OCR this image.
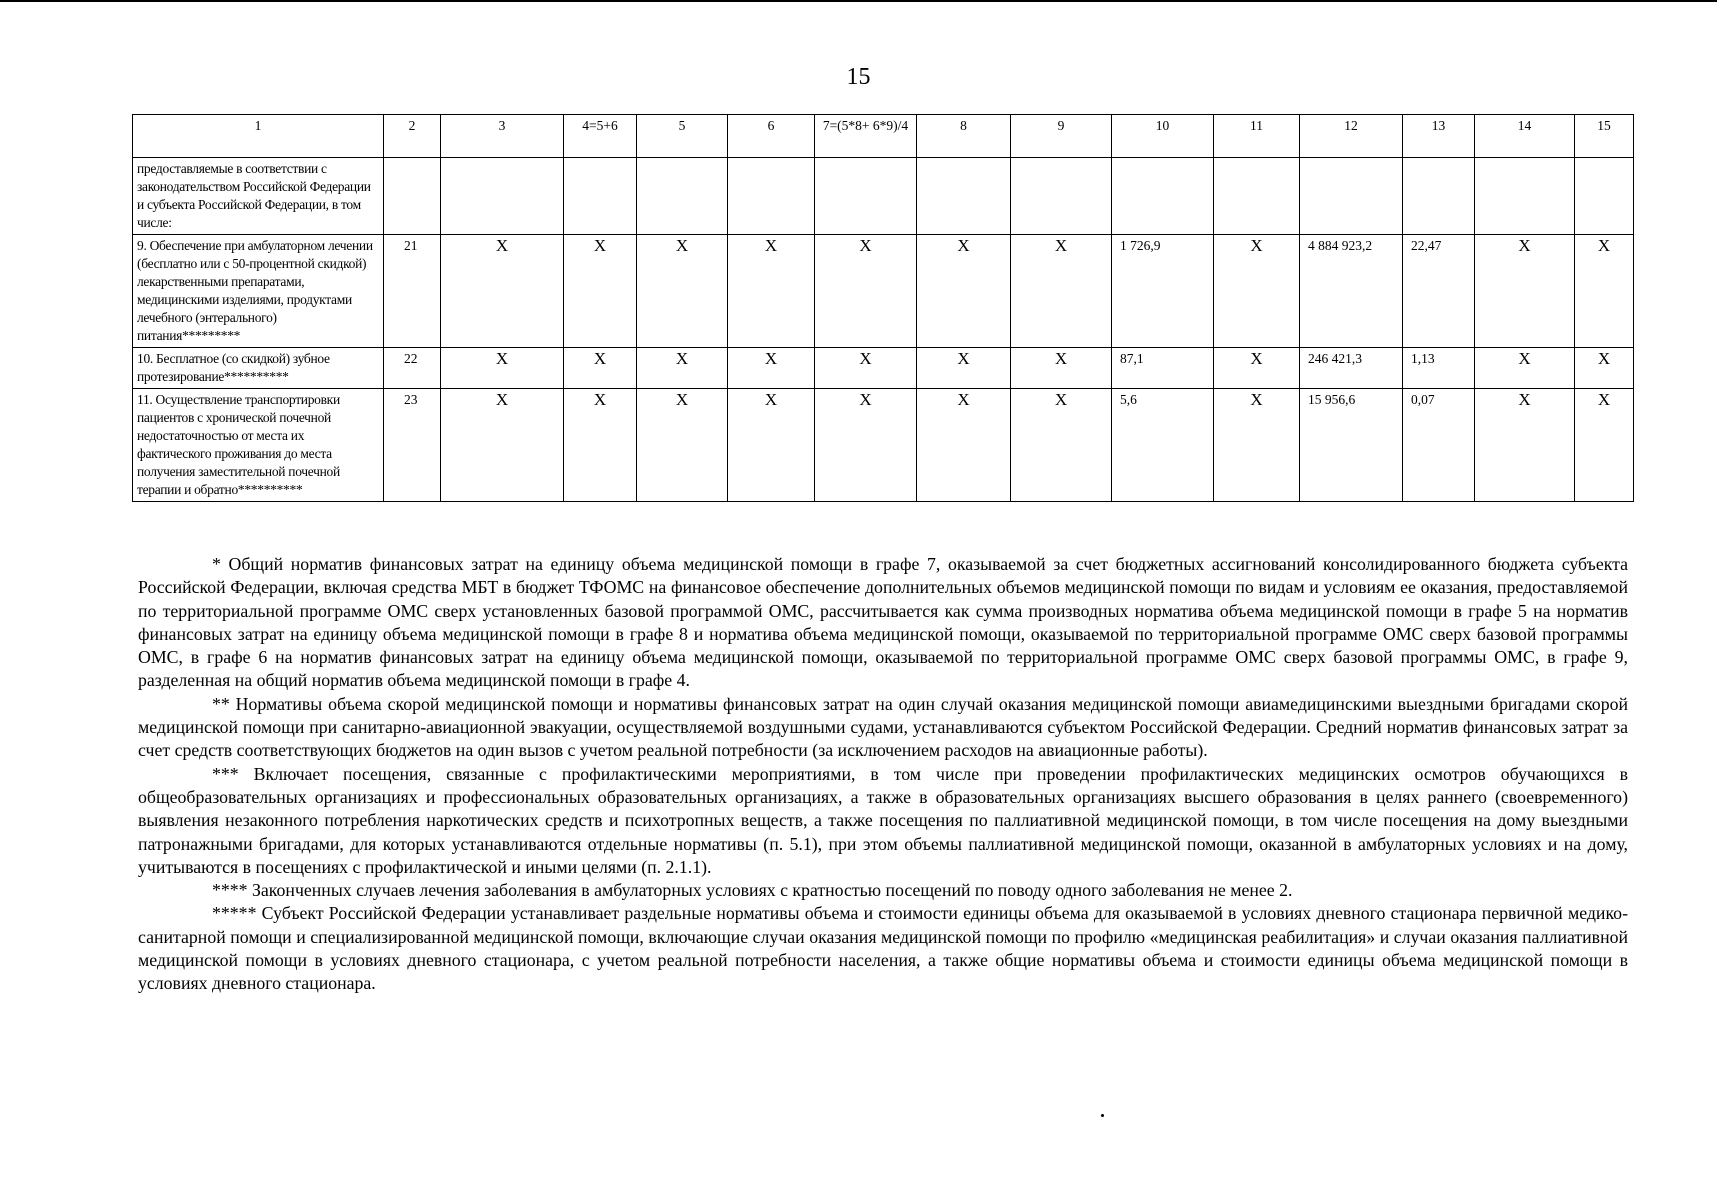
15
1	2	3	4=5+6	5	6	7=(5*8+ 6*9)/4	8	9	10	11	12	13	14	15
предоставляемые в соответствии с законодательством Российской Федерации и субъекта Российской Федерации, в том числе:														
9. Обеспечение при амбулаторном лечении (бесплатно или с 50-процентной скидкой) лекарственными препаратами, медицинскими изделиями, продуктами лечебного (энтерального) питания*********	21	X	X	X	X	X	X	X	1 726,9	X	4 884 923,2	22,47	X	X
10. Бесплатное (со скидкой) зубное протезирование**********	22	X	X	X	X	X	X	X	87,1	X	246 421,3	1,13	X	X
11. Осуществление транспортировки пациентов с хронической почечной недостаточностью от места их фактического проживания до места получения заместительной почечной терапии и обратно**********	23	X	X	X	X	X	X	X	5,6	X	15 956,6	0,07	X	X

* Общий норматив финансовых затрат на единицу объема медицинской помощи в графе 7, оказываемой за счет бюджетных ассигнований консолидированного бюджета субъекта Российской Федерации, включая средства МБТ в бюджет ТФОМС на финансовое обеспечение дополнительных объемов медицинской помощи по видам и условиям ее оказания, предоставляемой по территориальной программе ОМС сверх установленных базовой программой ОМС, рассчитывается как сумма производных норматива объема медицинской помощи в графе 5 на норматив финансовых затрат на единицу объема медицинской помощи в графе 8 и норматива объема медицинской помощи, оказываемой по территориальной программе ОМС сверх базовой программы ОМС, в графе 6 на норматив финансовых затрат на единицу объема медицинской помощи, оказываемой по территориальной программе ОМС сверх базовой программы ОМС, в графе 9, разделенная на общий норматив объема медицинской помощи в графе 4.

** Нормативы объема скорой медицинской помощи и нормативы финансовых затрат на один случай оказания медицинской помощи авиамедицинскими выездными бригадами скорой медицинской помощи при санитарно-авиационной эвакуации, осуществляемой воздушными судами, устанавливаются субъектом Российской Федерации. Средний норматив финансовых затрат за счет средств соответствующих бюджетов на один вызов с учетом реальной потребности (за исключением расходов на авиационные работы).

*** Включает посещения, связанные с профилактическими мероприятиями, в том числе при проведении профилактических медицинских осмотров обучающихся в общеобразовательных организациях и профессиональных образовательных организациях, а также в образовательных организациях высшего образования в целях раннего (своевременного) выявления незаконного потребления наркотических средств и психотропных веществ, а также посещения по паллиативной медицинской помощи, в том числе посещения на дому выездными патронажными бригадами, для которых устанавливаются отдельные нормативы (п. 5.1), при этом объемы паллиативной медицинской помощи, оказанной в амбулаторных условиях и на дому, учитываются в посещениях с профилактической и иными целями (п. 2.1.1).

**** Законченных случаев лечения заболевания в амбулаторных условиях с кратностью посещений по поводу одного заболевания не менее 2.

***** Субъект Российской Федерации устанавливает раздельные нормативы объема и стоимости единицы объема для оказываемой в условиях дневного стационара первичной медико-санитарной помощи и специализированной медицинской помощи, включающие случаи оказания медицинской помощи по профилю «медицинская реабилитация» и случаи оказания паллиативной медицинской помощи в условиях дневного стационара, с учетом реальной потребности населения, а также общие нормативы объема и стоимости единицы объема медицинской помощи в условиях дневного стационара.
